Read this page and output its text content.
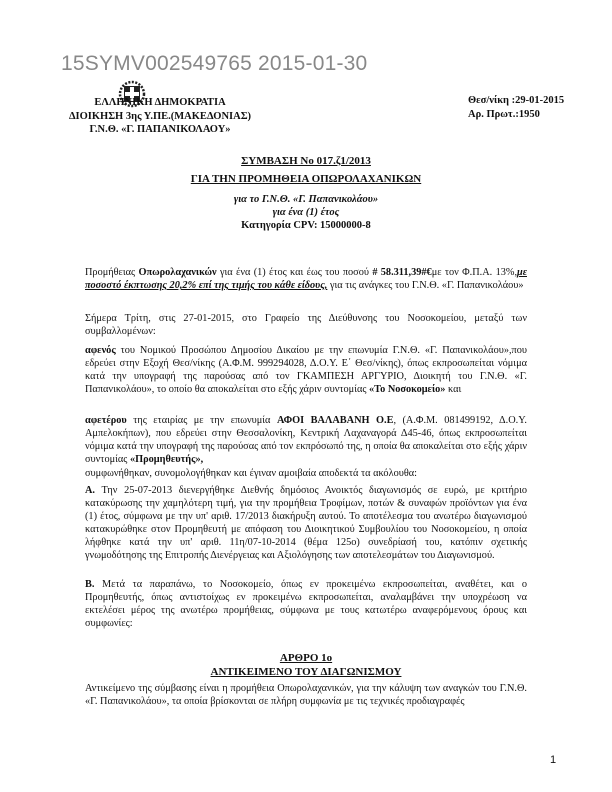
15SYMV002549765 2015-01-30
ΕΛΛΗΝΙΚΗ ΔΗΜΟΚΡΑΤΙΑ
ΔΙΟΙΚΗΣΗ 3ης Υ.ΠΕ.(ΜΑΚΕΔΟΝΙΑΣ)
Γ.Ν.Θ. «Γ. ΠΑΠΑΝΙΚΟΛΑΟΥ»
Θεσ/νίκη :29-01-2015
Αρ. Πρωτ.:1950
ΣΥΜΒΑΣΗ Νο 017.ζ1/2013
ΓΙΑ ΤΗΝ ΠΡΟΜΗΘΕΙΑ ΟΠΩΡΟΛΑΧΑΝΙΚΩΝ
για το Γ.Ν.Θ. «Γ. Παπανικολάου»
για ένα (1) έτος
Κατηγορία CPV: 15000000-8
Προμήθειας Οπωρολαχανικών για ένα (1) έτος και έως του ποσού # 58.311,39#€με τον Φ.Π.Α. 13%,με ποσοστό έκπτωσης 20,2% επί της τιμής του κάθε είδους, για τις ανάγκες του Γ.Ν.Θ. «Γ. Παπανικολάου»
Σήμερα Τρίτη, στις 27-01-2015, στο Γραφείο της Διεύθυνσης του Νοσοκομείου, μεταξύ των συμβαλλομένων:
αφενός του Νομικού Προσώπου Δημοσίου Δικαίου με την επωνυμία Γ.Ν.Θ. «Γ. Παπανικολάου»,που εδρεύει στην Εξοχή Θεσ/νίκης (Α.Φ.Μ. 999294028, Δ.Ο.Υ. Ε΄ Θεσ/νίκης), όπως εκπροσωπείται νόμιμα κατά την υπογραφή της παρούσας από τον ΓΚΑΜΠΕΣΗ ΑΡΓΥΡΙΟ, Διοικητή του Γ.Ν.Θ. «Γ. Παπανικολάου», το οποίο θα αποκαλείται στο εξής χάριν συντομίας «Το Νοσοκομείο» και
αφετέρου της εταιρίας με την επωνυμία ΑΦΟΙ ΒΑΛΑΒΑΝΗ Ο.Ε, (Α.Φ.Μ. 081499192, Δ.Ο.Υ. Αμπελοκήπων), που εδρεύει στην Θεσσαλονίκη, Κεντρική Λαχαναγορά Δ45-46, όπως εκπροσωπείται νόμιμα κατά την υπογραφή της παρούσας από τον εκπρόσωπό της, η οποία θα αποκαλείται στο εξής χάριν συντομίας «Προμηθευτής»,
συμφωνήθηκαν, συνομολογήθηκαν και έγιναν αμοιβαία αποδεκτά τα ακόλουθα:
Α. Την 25-07-2013 διενεργήθηκε Διεθνής δημόσιος Ανοικτός διαγωνισμός σε ευρώ, με κριτήριο κατακύρωσης την χαμηλότερη τιμή, για την προμήθεια Τροφίμων, ποτών & συναφών προϊόντων για ένα (1) έτος, σύμφωνα με την υπ' αριθ. 17/2013 διακήρυξη αυτού. Το αποτέλεσμα του ανωτέρω διαγωνισμού κατακυρώθηκε στον Προμηθευτή με απόφαση του Διοικητικού Συμβουλίου του Νοσοκομείου, η οποία λήφθηκε κατά την υπ' αριθ. 11η/07-10-2014 (θέμα 125ο) συνεδρίασή του, κατόπιν σχετικής γνωμοδότησης της Επιτροπής Διενέργειας και Αξιολόγησης των αποτελεσμάτων του Διαγωνισμού.
Β. Μετά τα παραπάνω, το Νοσοκομείο, όπως εν προκειμένω εκπροσωπείται, αναθέτει, και ο Προμηθευτής, όπως αντιστοίχως εν προκειμένω εκπροσωπείται, αναλαμβάνει την υποχρέωση να εκτελέσει μέρος της ανωτέρω προμήθειας, σύμφωνα με τους κατωτέρω αναφερόμενους όρους και συμφωνίες:
ΑΡΘΡΟ 1ο
ΑΝΤΙΚΕΙΜΕΝΟ ΤΟΥ ΔΙΑΓΩΝΙΣΜΟΥ
Αντικείμενο της σύμβασης είναι η προμήθεια Οπωρολαχανικών, για την κάλυψη των αναγκών του Γ.Ν.Θ. «Γ. Παπανικολάου», τα οποία βρίσκονται σε πλήρη συμφωνία με τις τεχνικές προδιαγραφές
1
